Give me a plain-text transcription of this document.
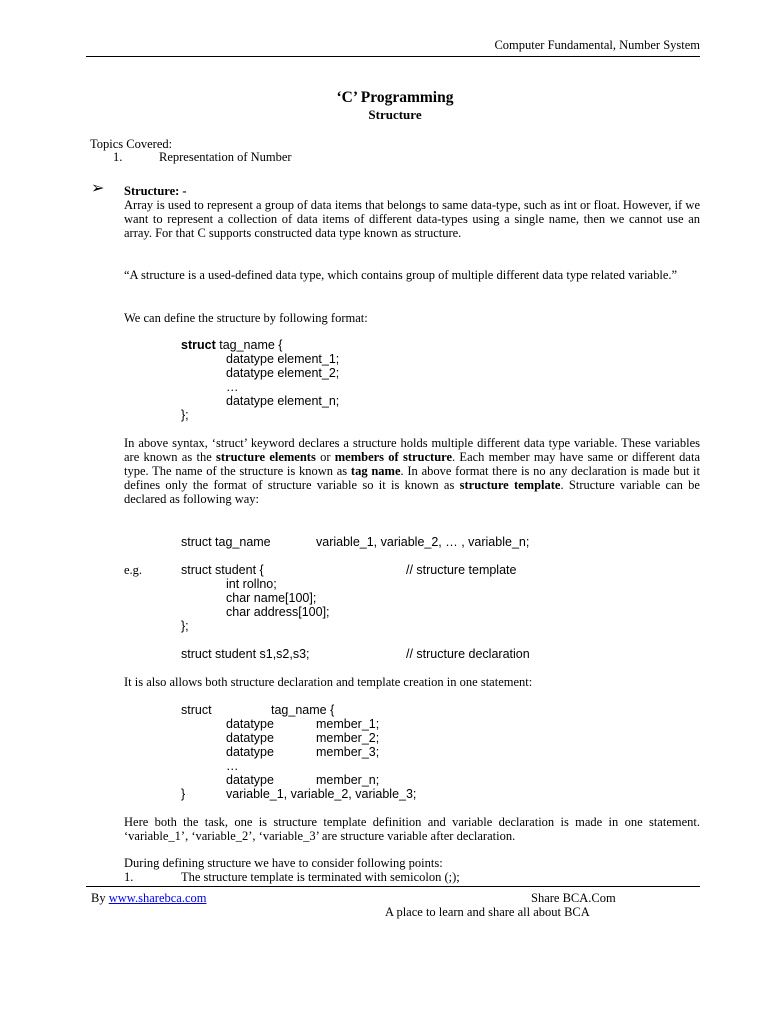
Computer Fundamental, Number System
‘C’ Programming
Structure
Topics Covered:
1.	Representation of Number
➢ Structure: -
Array is used to represent a group of data items that belongs to same data-type, such as int or float. However, if we want to represent a collection of data items of different data-types using a single name, then we cannot use an array. For that C supports constructed data type known as structure.
“A structure is a used-defined data type, which contains group of multiple different data type related variable.”
We can define the structure by following format:
struct tag_name {
datatype element_1;
datatype element_2;
…
datatype element_n;
};
In above syntax, ‘struct’ keyword declares a structure holds multiple different data type variable. These variables are known as the structure elements or members of structure. Each member may have same or different data type. The name of the structure is known as tag name. In above format there is no any declaration is made but it defines only the format of structure variable so it is known as structure template. Structure variable can be declared as following way:
struct tag_name	variable_1, variable_2, … , variable_n;
e.g.	struct student {	// structure template
int rollno;
char name[100];
char address[100];
};
struct student s1,s2,s3;	// structure declaration
It is also allows both structure declaration and template creation in one statement:
struct	tag_name {
datatype	member_1;
datatype	member_2;
datatype	member_3;
…
datatype	member_n;
}	variable_1, variable_2, variable_3;
Here both the task, one is structure template definition and variable declaration is made in one statement. ‘variable_1’, ‘variable_2’, ‘variable_3’ are structure variable after declaration.
During defining structure we have to consider following points:
1.	The structure template is terminated with semicolon (;);
By www.sharebca.com	Share BCA.Com
A place to learn and share all about BCA
